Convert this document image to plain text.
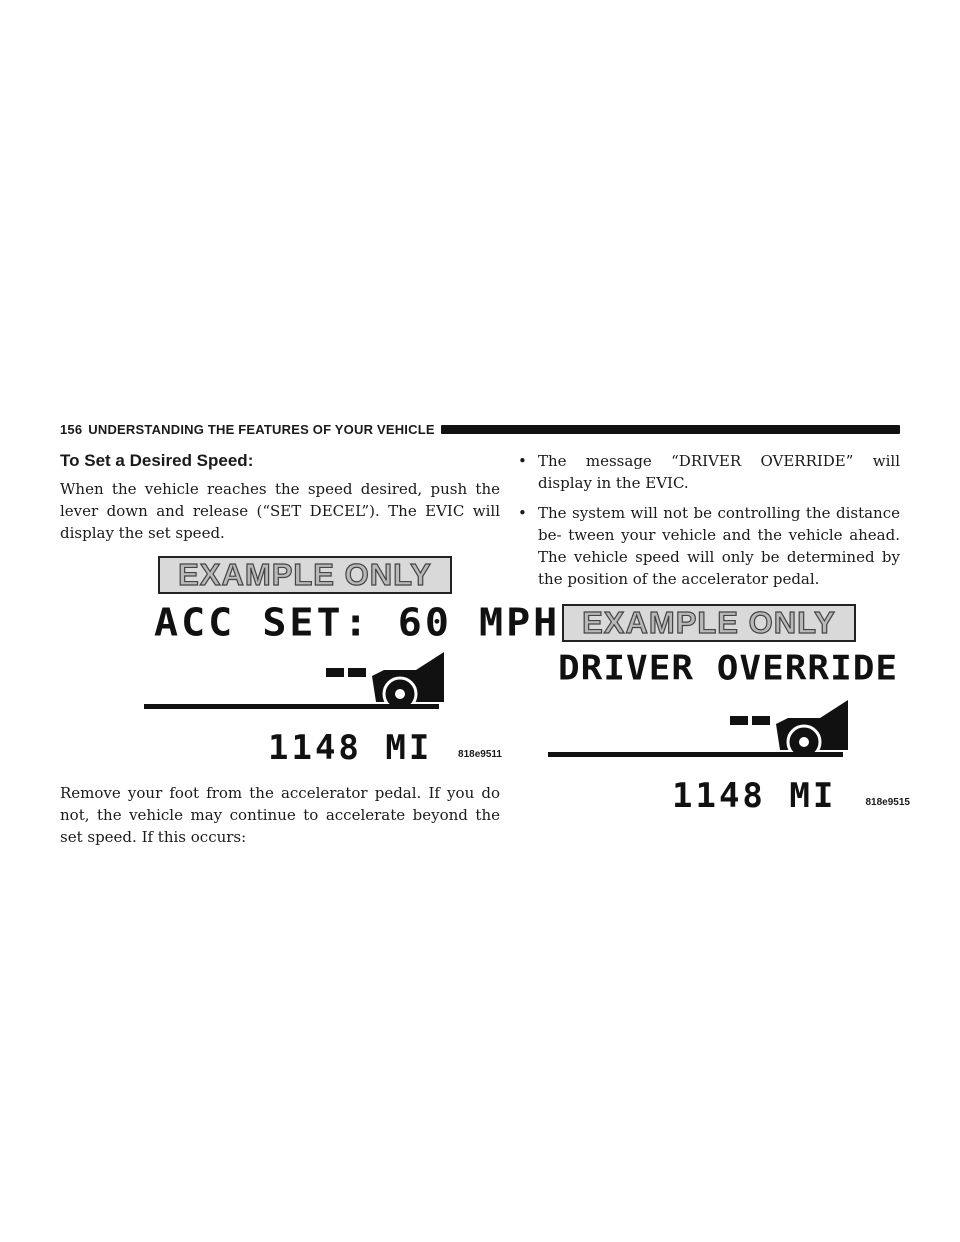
156 UNDERSTANDING THE FEATURES OF YOUR VEHICLE
To Set a Desired Speed:

When the vehicle reaches the speed desired, push the lever down and release (“SET DECEL”). The EVIC will display the set speed.

EXAMPLE ONLY
ACC SET: 60 MPH
1148 MI	818e9511

Remove your foot from the accelerator pedal. If you do not, the vehicle may continue to accelerate beyond the set speed. If this occurs:

• The message “DRIVER OVERRIDE” will display in the EVIC.
• The system will not be controlling the distance be- tween your vehicle and the vehicle ahead. The vehicle speed will only be determined by the position of the accelerator pedal.
EXAMPLE ONLY
DRIVER OVERRIDE
1148 MI	818e9515
